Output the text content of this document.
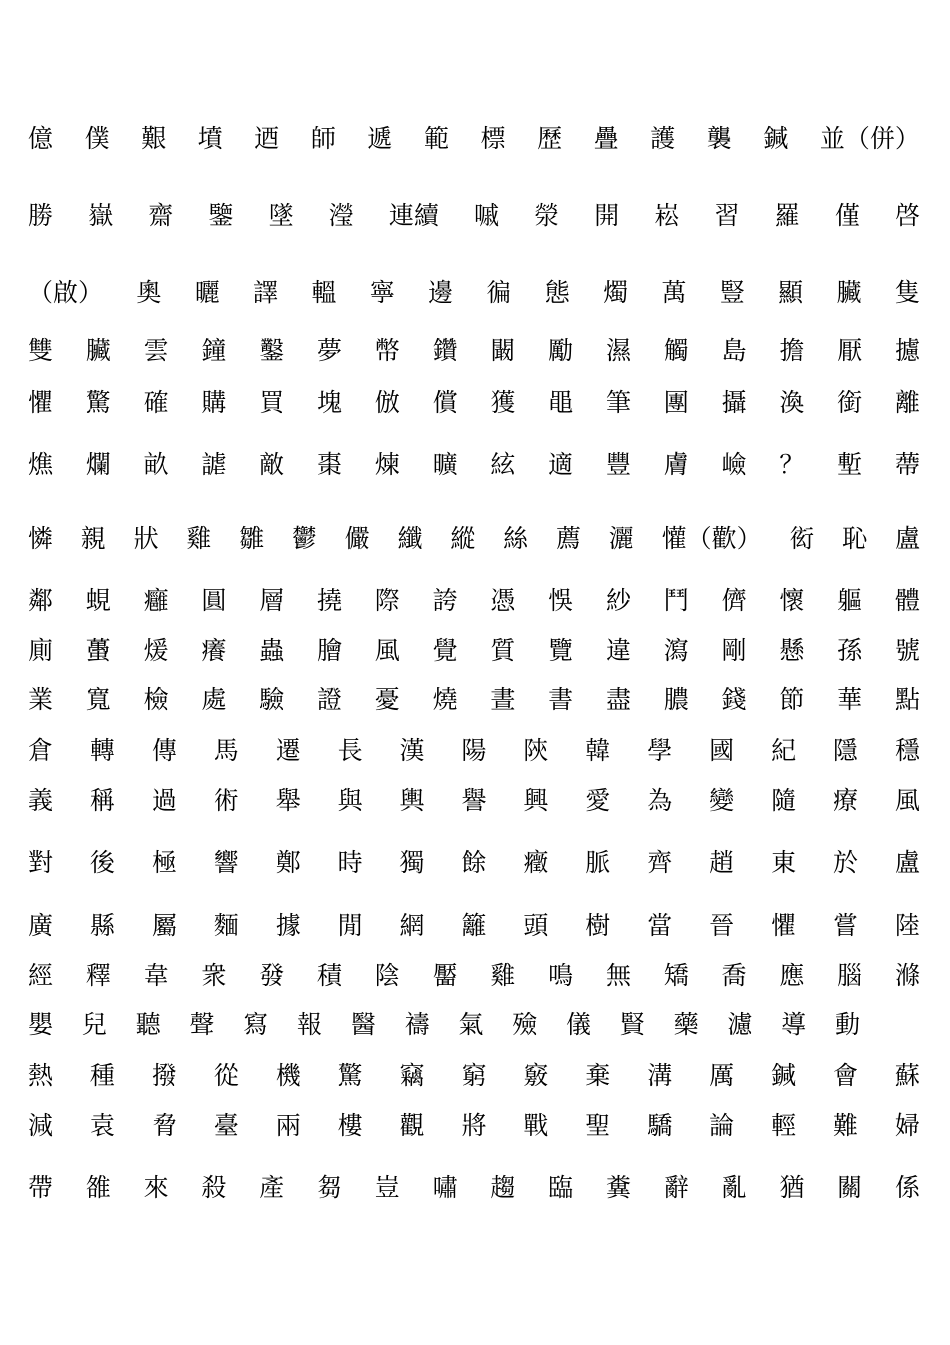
億 僕 艱 墳 迺 師 遞 範 標 歷 疊 護 襲 鍼 並（併）
勝 嶽 齋 鑒 墜 瀅 連續 嘁 滎 開 崧 習 羅 僅 啓
（啟） 奧 曬 譯 轀 寧 邊 徧 態 燭 萬 豎 顯 臟 隻
雙 臟 雲 鐘 鑿 夢 幣 鑽 闞 勵 濕 觸 島 擔 厭 攄
懼 驚 確 購 買 塊 倣 償 獲 黽 筆 團 攝 渙 銜 離
燋 爛 畝 謔 敵 棗 煉 曠 絃 適 豐 膚 嶮 ？ 塹 蔕
憐 親 狀 雞 雛 鬱 儼 纖 縱 絲 薦 灑 懽（歡） 衒 恥 盧
鄰 蜆 癰 圓 層 撓 際 誇 憑 悞 紗 鬥 儕 懷 軀 體
廁 蠆 煖 癢 蟲 膾 風 覺 質 覽 違 瀉 剛 懸 孫 號
業 寬 檢 處 驗 證 憂 燒 晝 書 盡 膿 錢 節 華 點
倉 轉 傳 馬 遷 長 漢 陽 陝 韓 學 國 紀 隱 穩
義 稱 過 術 舉 與 輿 譽 興 愛 為 變 隨 療 風
對 後 極 響 鄭 時 獨 餘 癥 脈 齊 趙 東 於 盧
廣 縣 屬 麵 據 閒 網 籬 頭 樹 當 晉 懼 嘗 陸
經 釋 韋 衆 發 積 陰 靨 雞 鳴 無 矯 喬 應 腦 滌
嬰 兒 聽 聲 寫 報 醫 禱 氣 殮 儀 賢 藥 濾 導 動
熱 種 撥 從 機 驚 竊 窮 竅 棄 溝 厲 鍼 會 蘇
減 袁 脅 臺 兩 樓 觀 將 戰 聖 驕 論 輕 難 婦
帶 雒 來 殺 產 芻 豈 嘯 趨 臨 糞 辭 亂 猶 關 係
